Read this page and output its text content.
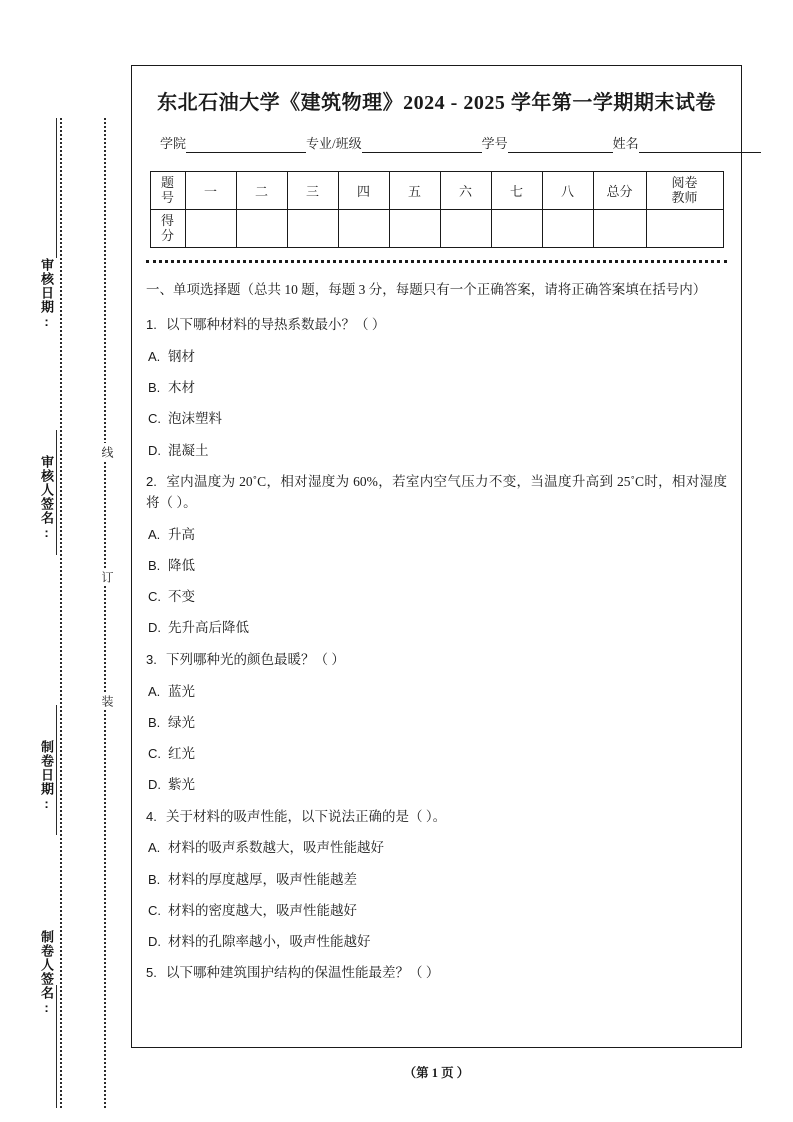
审核日期:
审核人签名:
制卷日期:
制卷人签名:
线
订
装
东北石油大学《建筑物理》2024 - 2025 学年第一学期期末试卷
学院	专业/班级	学号	姓名
题
号	一	二	三	四	五	六	七	八	总分	阅卷
教师

得
分										

一、单项选择题（总共 10 题，每题 3 分，每题只有一个正确答案，请将正确答案填在括号内）

1. 以下哪种材料的导热系数最小？（ ）

A. 钢材

B. 木材

C. 泡沫塑料

D. 混凝土

2. 室内温度为 20˚C，相对湿度为 60%，若室内空气压力不变，当温度升高到 25˚C时，相对湿度将（ ）。

A. 升高

B. 降低

C. 不变

D. 先升高后降低

3. 下列哪种光的颜色最暖？（ ）

A. 蓝光

B. 绿光

C. 红光

D. 紫光

4. 关于材料的吸声性能，以下说法正确的是（ ）。

A. 材料的吸声系数越大，吸声性能越好

B. 材料的厚度越厚，吸声性能越差

C. 材料的密度越大，吸声性能越好

D. 材料的孔隙率越小，吸声性能越好

5. 以下哪种建筑围护结构的保温性能最差？（ ）

（第 1 页 ）
